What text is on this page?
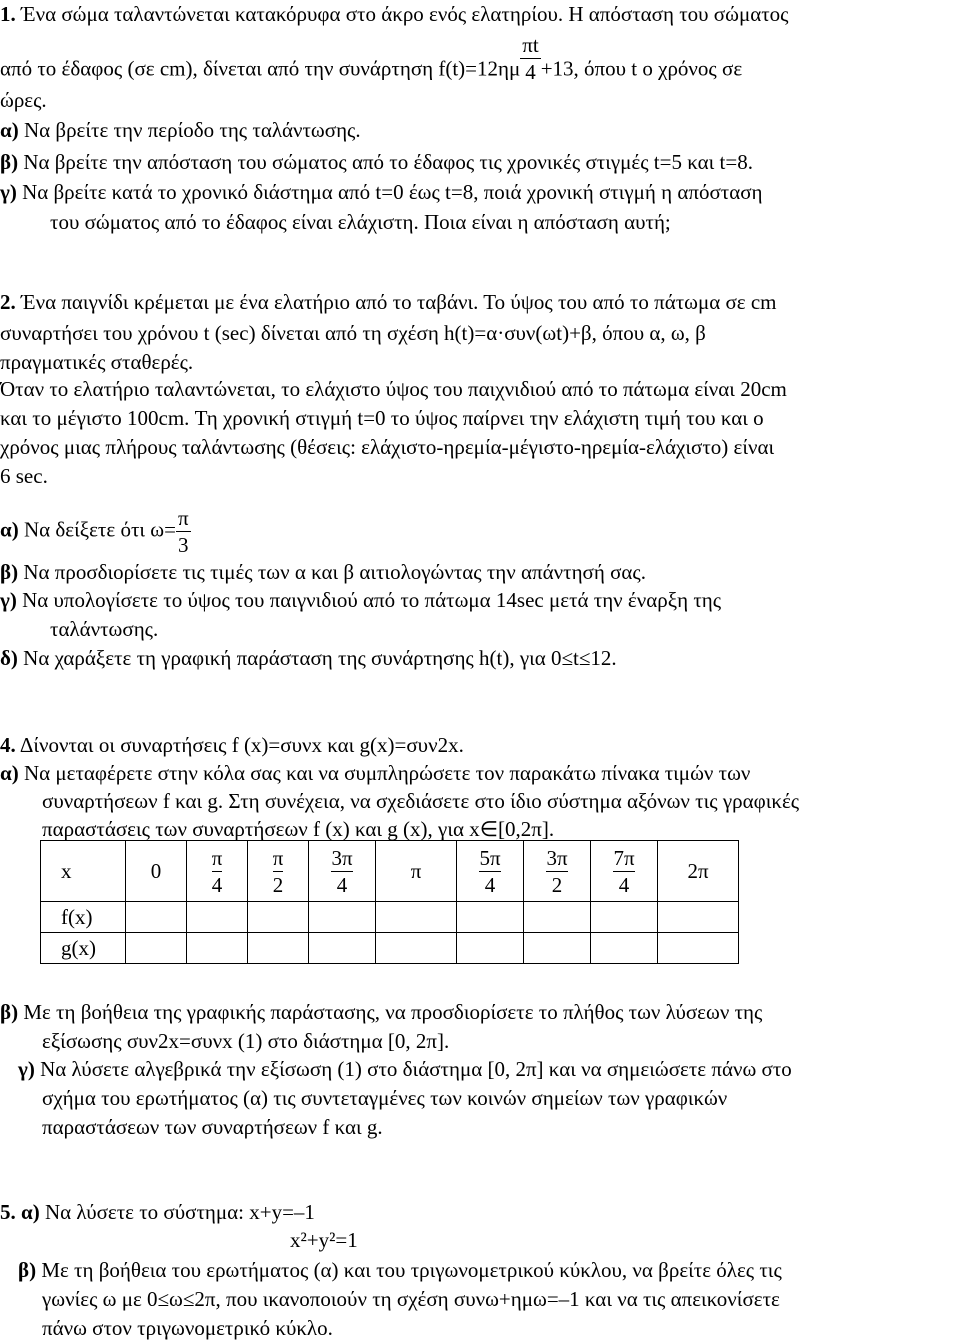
1. Ένα σώμα ταλαντώνεται κατακόρυφα στο άκρο ενός ελατηρίου. Η απόσταση του σώματος
από το έδαφος (σε cm), δίνεται από την συνάρτηση $f(t)=12\eta\mu \frac{\pi t}{4} +13$, όπου t ο χρόνος σε
ώρες.
α) Να βρείτε την περίοδο της ταλάντωσης.
β) Να βρείτε την απόσταση του σώματος από το έδαφος τις χρονικές στιγμές t=5 και t=8.
γ) Να βρείτε κατά το χρονικό διάστημα από t=0 έως t=8, ποιά χρονική στιγμή η απόσταση
του σώματος από το έδαφος είναι ελάχιστη. Ποια είναι η απόσταση αυτή;
2. Ένα παιγνίδι κρέμεται με ένα ελατήριο από το ταβάνι. Το ύψος του από το πάτωμα σε cm
συναρτήσει του χρόνου t (sec) δίνεται από τη σχέση h(t)=α·συν(ωt)+β, όπου α, ω, β
πραγματικές σταθερές.
Όταν το ελατήριο ταλαντώνεται, το ελάχιστο ύψος του παιχνιδιού από το πάτωμα είναι 20cm
και το μέγιστο 100cm. Τη χρονική στιγμή t=0 το ύψος παίρνει την ελάχιστη τιμή του και ο
χρόνος μιας πλήρους ταλάντωσης (θέσεις: ελάχιστο-ηρεμία-μέγιστο-ηρεμία-ελάχιστο) είναι
6 sec.
α) Να δείξετε ότι $\omega= \frac{\pi}{3}$
β) Να προσδιορίσετε τις τιμές των α και β αιτιολογώντας την απάντησή σας.
γ) Να υπολογίσετε το ύψος του παιγνιδιού από το πάτωμα 14sec μετά την έναρξη της
ταλάντωσης.
δ) Να χαράξετε τη γραφική παράσταση της συνάρτησης h(t), για 0≤t≤12.
4. Δίνονται οι συναρτήσεις f (x)=συνx και g(x)=συν2x.
α) Να μεταφέρετε στην κόλα σας και να συμπληρώσετε τον παρακάτω πίνακα τιμών των
συναρτήσεων f και g. Στη συνέχεια, να σχεδιάσετε στο ίδιο σύστημα αξόνων τις γραφικές
παραστάσεις των συναρτήσεων f (x) και g (x), για x∈[0,2π].
x	0	$\frac{\pi}{4}$	$\frac{\pi}{2}$	$\frac{3\pi}{4}$	π	$\frac{5\pi}{4}$	$\frac{3\pi}{2}$	$\frac{7\pi}{4}$	2π
f(x)									
g(x)									
β) Με τη βοήθεια της γραφικής παράστασης, να προσδιορίσετε το πλήθος των λύσεων της
εξίσωσης συν2x=συνx (1) στο διάστημα [0, 2π].
γ) Να λύσετε αλγεβρικά την εξίσωση (1) στο διάστημα [0, 2π] και να σημειώσετε πάνω στο
σχήμα του ερωτήματος (α) τις συντεταγμένες των κοινών σημείων των γραφικών
παραστάσεων των συναρτήσεων f και g.
5. α) Να λύσετε το σύστημα: x+y=–1
x²+y²=1
β) Με τη βοήθεια του ερωτήματος (α) και του τριγωνομετρικού κύκλου, να βρείτε όλες τις
γωνίες ω με 0≤ω≤2π, που ικανοποιούν τη σχέση συνω+ημω=–1 και να τις απεικονίσετε
πάνω στον τριγωνομετρικό κύκλο.
